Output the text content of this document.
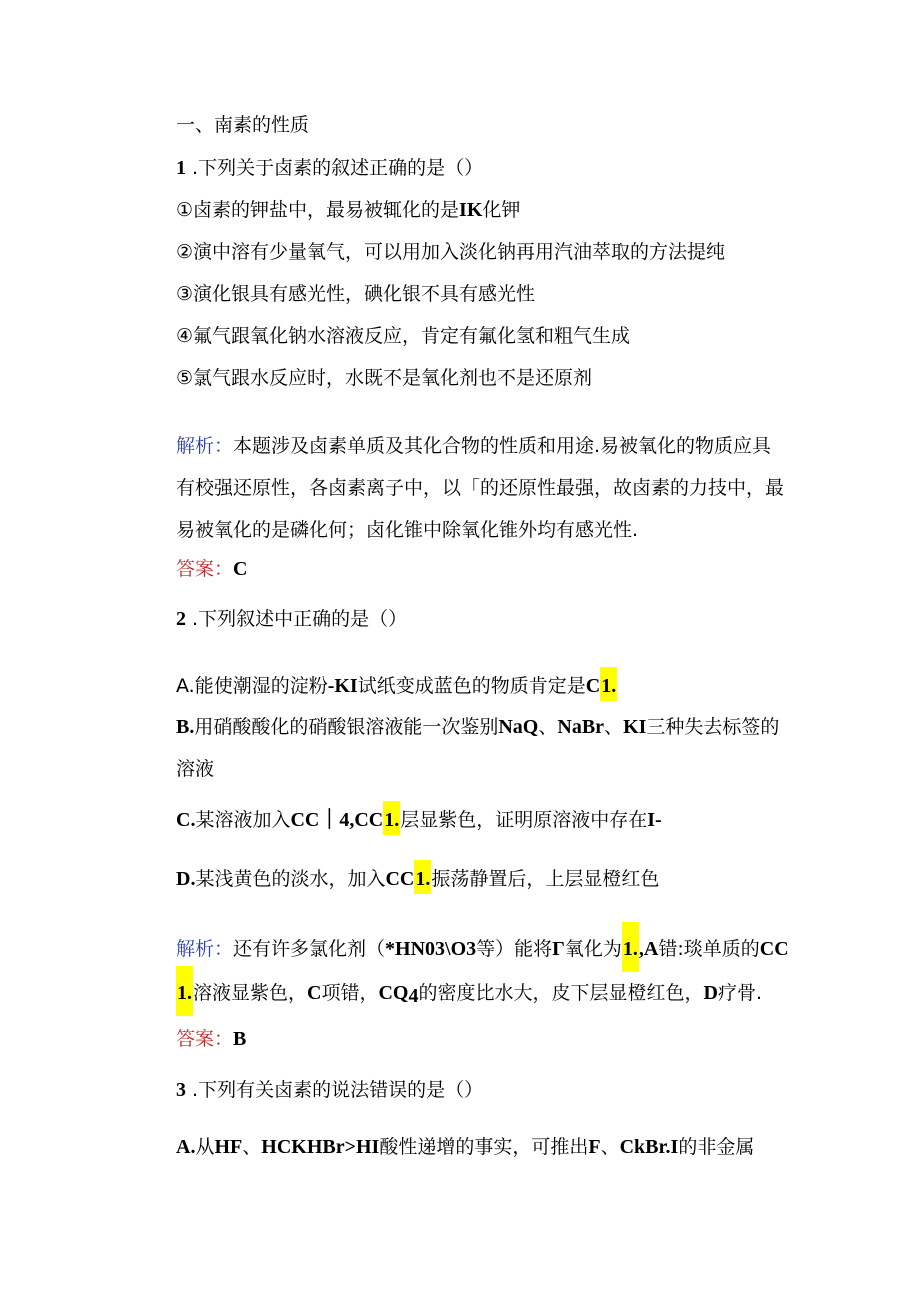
一、南素的性质
1 .下列关于卤素的叙述正确的是（）
①卤素的钾盐中，最易被辄化的是IK化钾
②演中溶有少量氧气，可以用加入淡化钠再用汽油萃取的方法提纯
③演化银具有感光性，碘化银不具有感光性
④氟气跟氧化钠水溶液反应，肯定有氟化氢和粗气生成
⑤氯气跟水反应时，水既不是氧化剂也不是还原剂
解析：本题涉及卤素单质及其化合物的性质和用途.易被氧化的物质应具有校强还原性，各卤素离子中，以「的还原性最强，故卤素的力技中，最易被氧化的是磷化何；卤化锥中除氧化锥外均有感光性.
答案：C
2 .下列叙述中正确的是（）
A.能使潮湿的淀粉-KI试纸变成蓝色的物质肯定是C1.
B.用硝酸酸化的硝酸银溶液能一次鉴别NaQ、NaBr、KI三种失去标签的溶液
C.某溶液加入CC｜4,CC1.层显紫色，证明原溶液中存在I-
D.某浅黄色的淡水，加入CC1.振荡静置后，上层显橙红色
解析：还有许多氯化剂（*HN03\O3等）能将Γ氧化为1.,A错:琰单质的CC1.溶液显紫色，C项错，$CQ_4$的密度比水大，皮下层显橙红色，D疗骨.
答案：B
3 .下列有关卤素的说法错误的是（）
A.从HF、HCKHBr>HI酸性递增的事实，可推出F、CkBr.I的非金属
